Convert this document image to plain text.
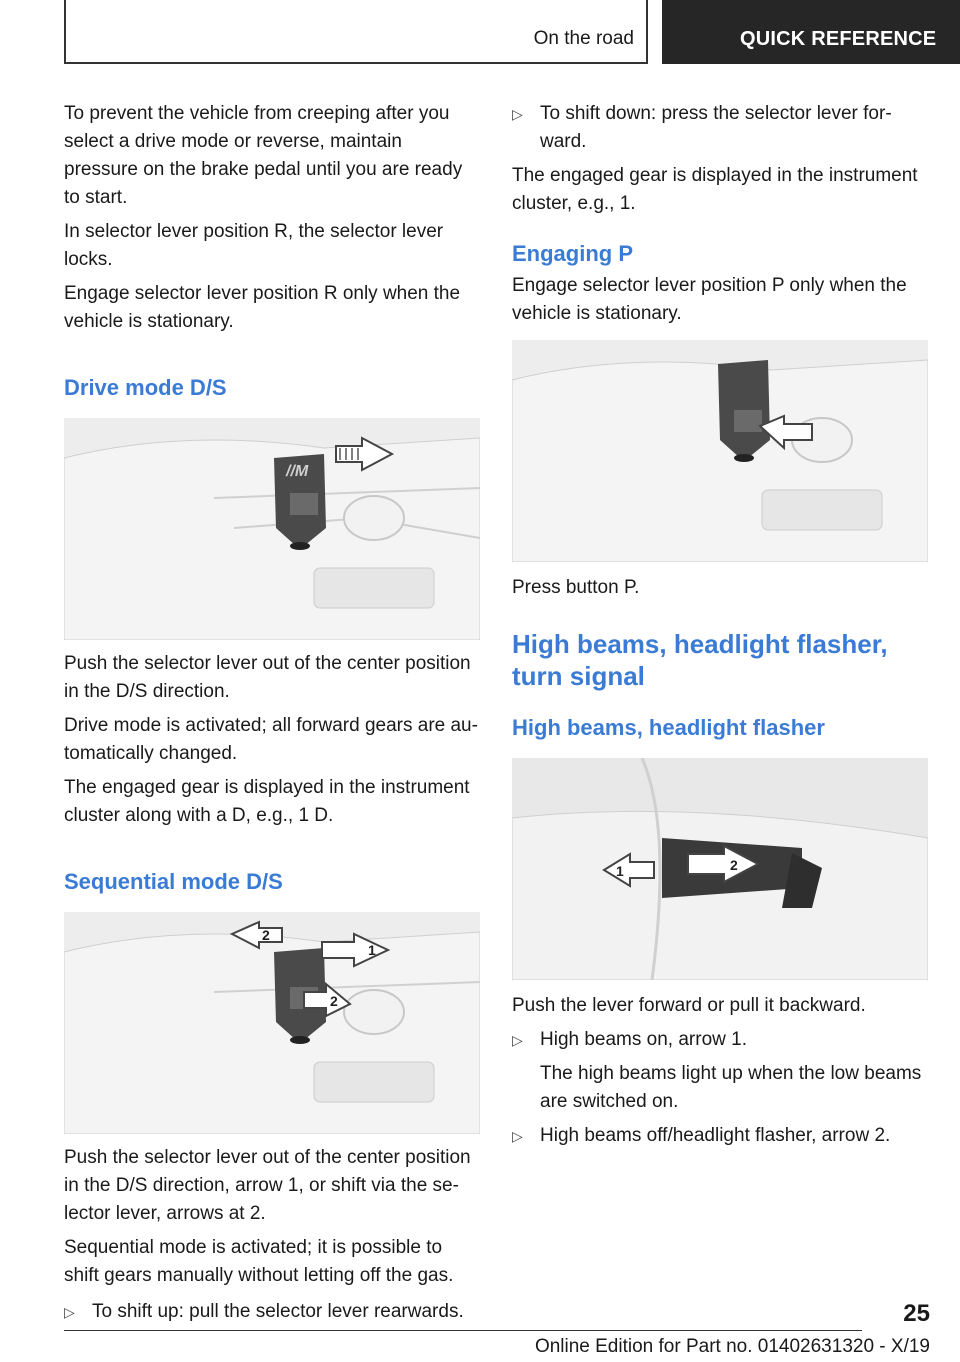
On the road	QUICK REFERENCE

To prevent the vehicle from creeping after you select a drive mode or reverse, maintain pressure on the brake pedal until you are ready to start.

In selector lever position R, the selector lever locks.

Engage selector lever position R only when the vehicle is stationary.

Drive mode D/S
//M

Push the selector lever out of the center position in the D/S direction.

Drive mode is activated; all forward gears are au-tomatically changed.

The engaged gear is displayed in the instrument cluster along with a D, e.g., 1 D.

Sequential mode D/S
2
1
2

Push the selector lever out of the center position in the D/S direction, arrow 1, or shift via the se-lector lever, arrows at 2.

Sequential mode is activated; it is possible to shift gears manually without letting off the gas.

▷ To shift up: pull the selector lever rearwards.

▷ To shift down: press the selector lever for-ward.

The engaged gear is displayed in the instrument cluster, e.g., 1.

Engaging P

Engage selector lever position P only when the vehicle is stationary.

Press button P.

High beams, headlight flasher, turn signal
High beams, headlight flasher
1	2

Push the lever forward or pull it backward.

▷ High beams on, arrow 1.

The high beams light up when the low beams are switched on.

▷ High beams off/headlight flasher, arrow 2.

25
Online Edition for Part no. 01402631320 - X/19
